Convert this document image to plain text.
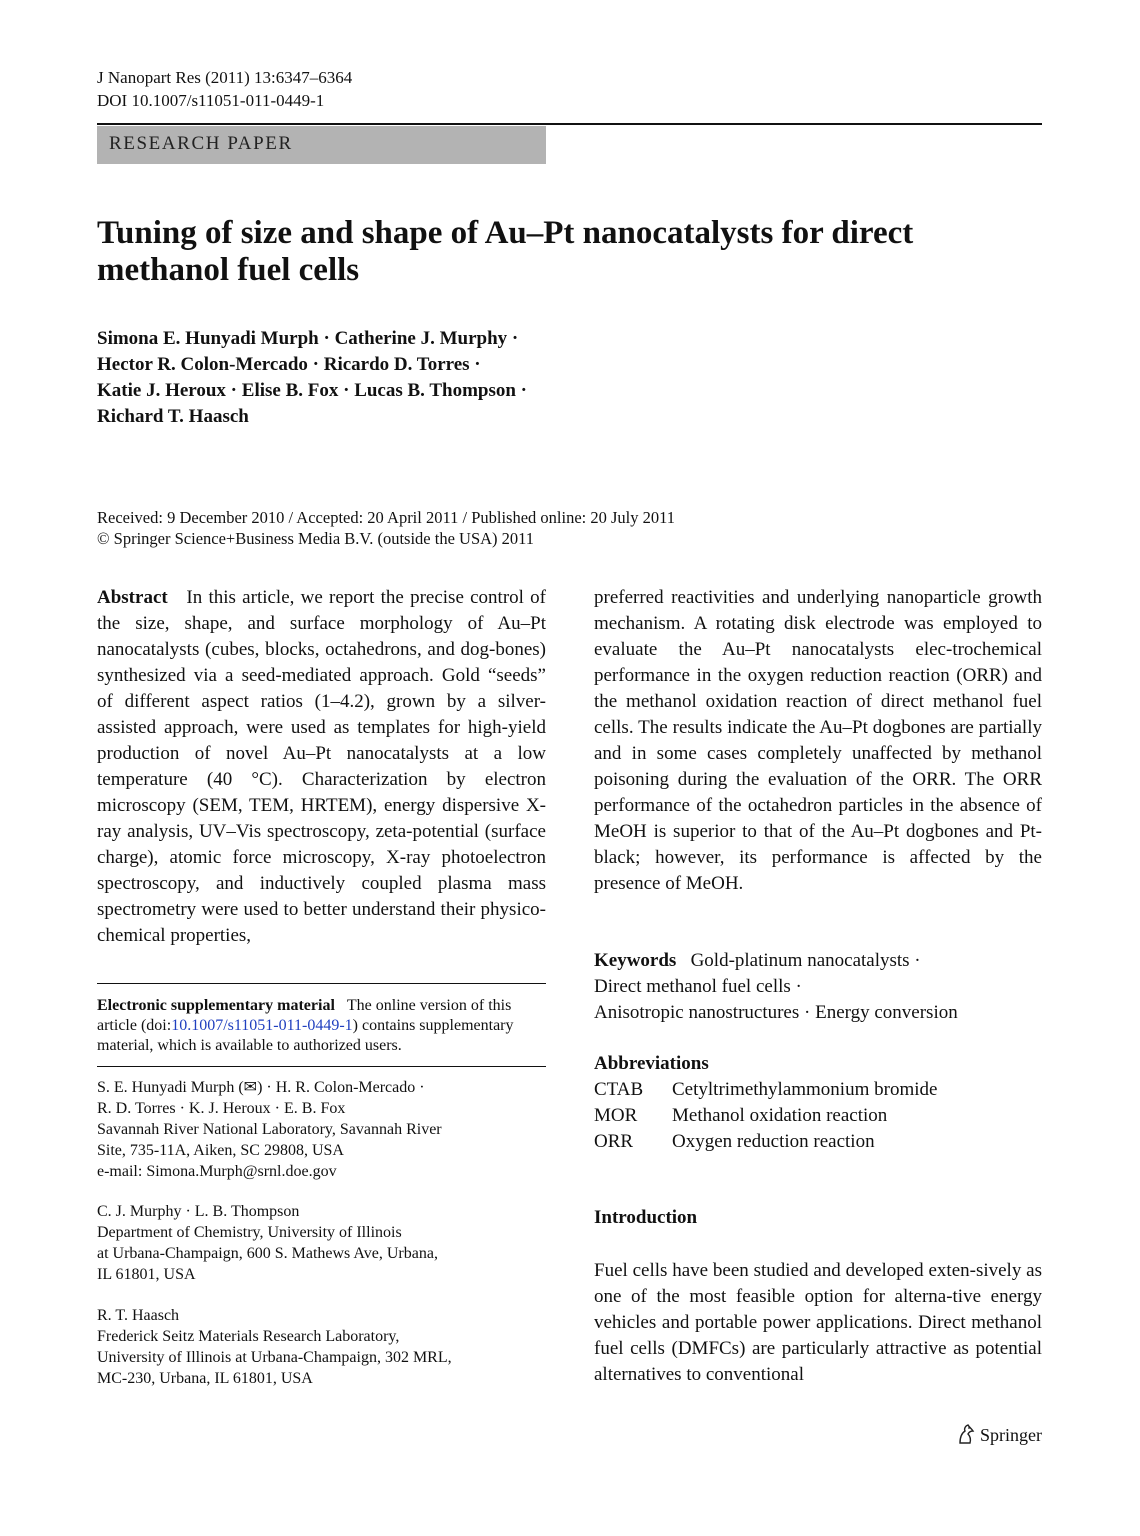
J Nanopart Res (2011) 13:6347–6364
DOI 10.1007/s11051-011-0449-1
RESEARCH PAPER
Tuning of size and shape of Au–Pt nanocatalysts for direct methanol fuel cells
Simona E. Hunyadi Murph · Catherine J. Murphy ·
Hector R. Colon-Mercado · Ricardo D. Torres ·
Katie J. Heroux · Elise B. Fox · Lucas B. Thompson ·
Richard T. Haasch
Received: 9 December 2010 / Accepted: 20 April 2011 / Published online: 20 July 2011
© Springer Science+Business Media B.V. (outside the USA) 2011

Abstract In this article, we report the precise control of the size, shape, and surface morphology of Au–Pt nanocatalysts (cubes, blocks, octahedrons, and dog-bones) synthesized via a seed-mediated approach. Gold “seeds” of different aspect ratios (1–4.2), grown by a silver-assisted approach, were used as templates for high-yield production of novel Au–Pt nanocatalysts at a low temperature (40 °C). Characterization by electron microscopy (SEM, TEM, HRTEM), energy dispersive X-ray analysis, UV–Vis spectroscopy, zeta-potential (surface charge), atomic force microscopy, X-ray photoelectron spectroscopy, and inductively coupled plasma mass spectrometry were used to better understand their physico-chemical properties,

preferred reactivities and underlying nanoparticle growth mechanism. A rotating disk electrode was employed to evaluate the Au–Pt nanocatalysts elec-trochemical performance in the oxygen reduction reaction (ORR) and the methanol oxidation reaction of direct methanol fuel cells. The results indicate the Au–Pt dogbones are partially and in some cases completely unaffected by methanol poisoning during the evaluation of the ORR. The ORR performance of the octahedron particles in the absence of MeOH is superior to that of the Au–Pt dogbones and Pt-black; however, its performance is affected by the presence of MeOH.

Electronic supplementary material The online version of this article (doi:10.1007/s11051-011-0449-1) contains supplementary material, which is available to authorized users.
S. E. Hunyadi Murph (✉) · H. R. Colon-Mercado ·
R. D. Torres · K. J. Heroux · E. B. Fox
Savannah River National Laboratory, Savannah River
Site, 735-11A, Aiken, SC 29808, USA
e-mail: Simona.Murph@srnl.doe.gov
C. J. Murphy · L. B. Thompson
Department of Chemistry, University of Illinois
at Urbana-Champaign, 600 S. Mathews Ave, Urbana,
IL 61801, USA
R. T. Haasch
Frederick Seitz Materials Research Laboratory,
University of Illinois at Urbana-Champaign, 302 MRL,
MC-230, Urbana, IL 61801, USA
Keywords Gold-platinum nanocatalysts ·
Direct methanol fuel cells ·
Anisotropic nanostructures · Energy conversion
Abbreviations
CTAB Cetyltrimethylammonium bromide
MOR Methanol oxidation reaction
ORR Oxygen reduction reaction
Introduction

Fuel cells have been studied and developed exten-sively as one of the most feasible option for alterna-tive energy vehicles and portable power applications. Direct methanol fuel cells (DMFCs) are particularly attractive as potential alternatives to conventional

Springer
